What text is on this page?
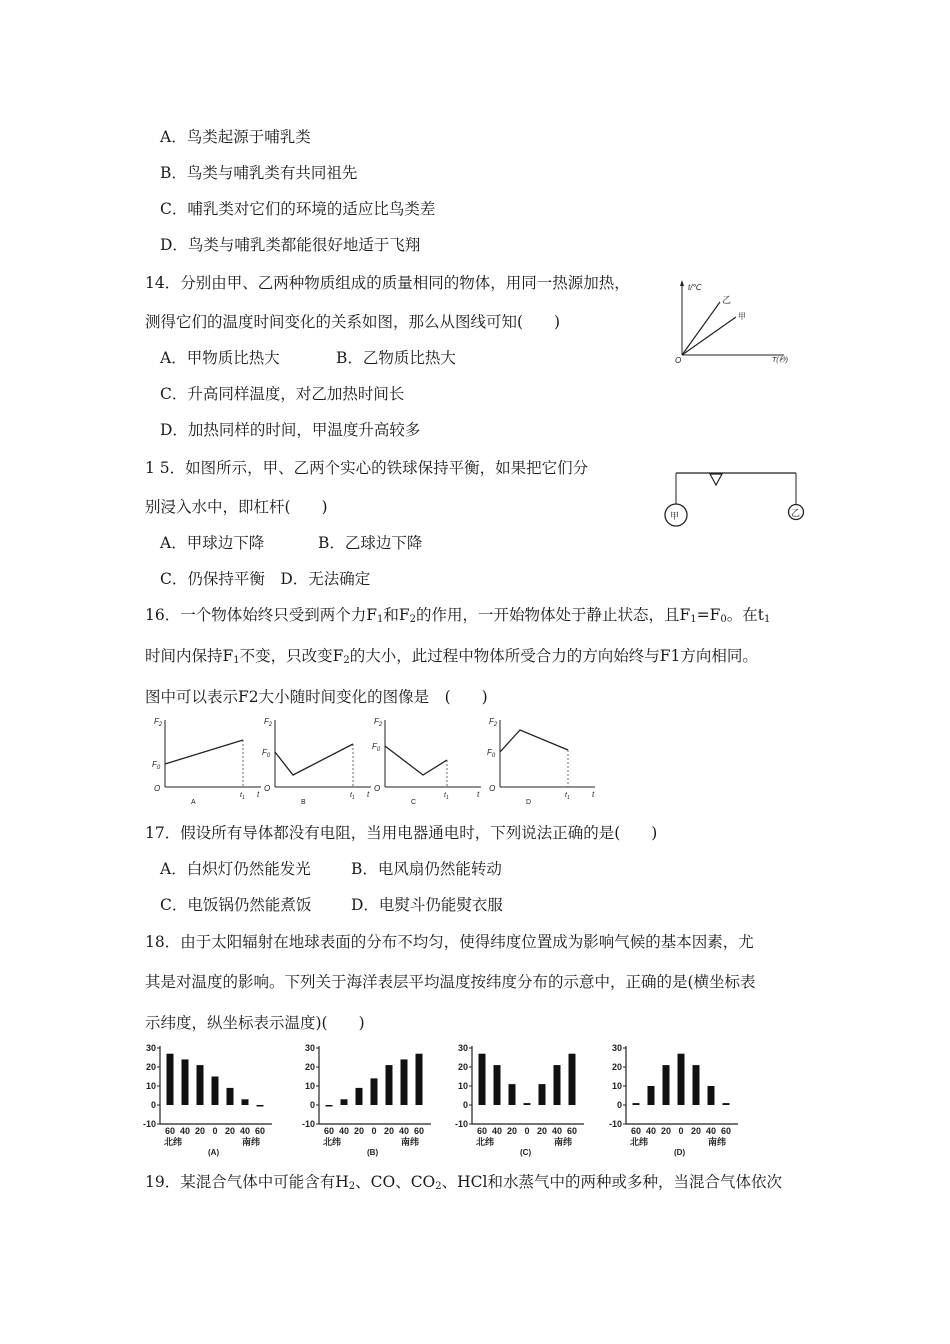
A．鸟类起源于哺乳类
B．鸟类与哺乳类有共同祖先
C．哺乳类对它们的环境的适应比鸟类差
D．鸟类与哺乳类都能很好地适于飞翔
14．分别由甲、乙两种物质组成的质量相同的物体，用同一热源加热，
测得它们的温度时间变化的关系如图，那么从图线可知(　　)
A．甲物质比热大	B．乙物质比热大
C．升高同样温度，对乙加热时间长
D．加热同样的时间，甲温度升高较多
t/℃
乙
甲
O	T(秒)
1 5．如图所示，甲、乙两个实心的铁球保持平衡，如果把它们分
别浸入水中，即杠杆(　　)
A．甲球边下降	B．乙球边下降
C．仍保持平衡　D．无法确定
甲	乙
16．一个物体始终只受到两个力$F_1$和$F_2$的作用，一开始物体处于静止状态，且$F_1=F_0$。在$t_1$
时间内保持$F_1$不变，只改变$F_2$的大小，此过程中物体所受合力的方向始终与F1方向相同。
图中可以表示F2大小随时间变化的图像是　(　　)
$F_2$
$F_0$
O
$t_1$ t
A
$F_2$
$F_0$
O
$t_1$ t
B
$F_2$
$F_0$
O
$t_1$	t
C
$F_2$
$F_0$
O
$t_1$	t
D
17．假设所有导体都没有电阻，当用电器通电时，下列说法正确的是(　　)
A．白炽灯仍然能发光	B．电风扇仍然能转动
C．电饭锅仍然能煮饭	D．电熨斗仍能熨衣服
18．由于太阳辐射在地球表面的分布不均匀，使得纬度位置成为影响气候的基本因素，尤
其是对温度的影响。下列关于海洋表层平均温度按纬度分布的示意中，正确的是(横坐标表
示纬度，纵坐标表示温度)(　　)
30
20
10
0
-10
60 40 20 0 20 40 60
北纬	南纬
(A)
30
20
10
0
-10
60 40 20 0 20 40 60
北纬	南纬
(B)
30
20
10
0
-10
60 40 20 0 20 40 60
北纬	南纬
(C)
30
20
10
0
-10
60 40 20 0 20 40 60
北纬	南纬
(D)
19．某混合气体中可能含有$H_2$、CO、$CO_2$、HCl和水蒸气中的两种或多种，当混合气体依次
